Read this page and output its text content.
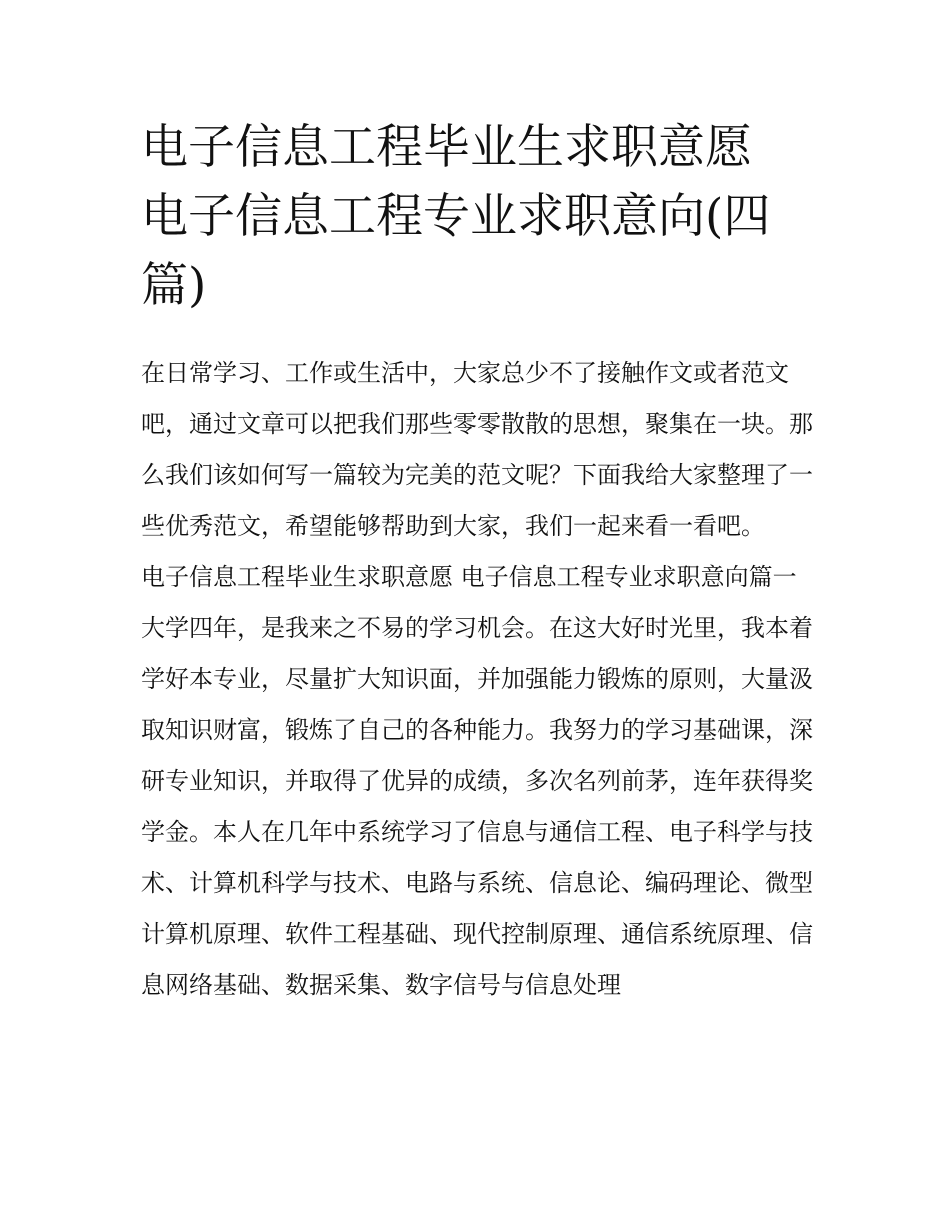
电子信息工程毕业生求职意愿 电子信息工程专业求职意向(四篇)

在日常学习、工作或生活中，大家总少不了接触作文或者范文吧，通过文章可以把我们那些零零散散的思想，聚集在一块。那么我们该如何写一篇较为完美的范文呢？下面我给大家整理了一些优秀范文，希望能够帮助到大家，我们一起来看一看吧。

电子信息工程毕业生求职意愿 电子信息工程专业求职意向篇一

大学四年，是我来之不易的学习机会。在这大好时光里，我本着学好本专业，尽量扩大知识面，并加强能力锻炼的原则，大量汲取知识财富，锻炼了自己的各种能力。我努力的学习基础课，深研专业知识，并取得了优异的成绩，多次名列前茅，连年获得奖学金。本人在几年中系统学习了信息与通信工程、电子科学与技术、计算机科学与技术、电路与系统、信息论、编码理论、微型计算机原理、软件工程基础、现代控制原理、通信系统原理、信息网络基础、数据采集、数字信号与信息处理
